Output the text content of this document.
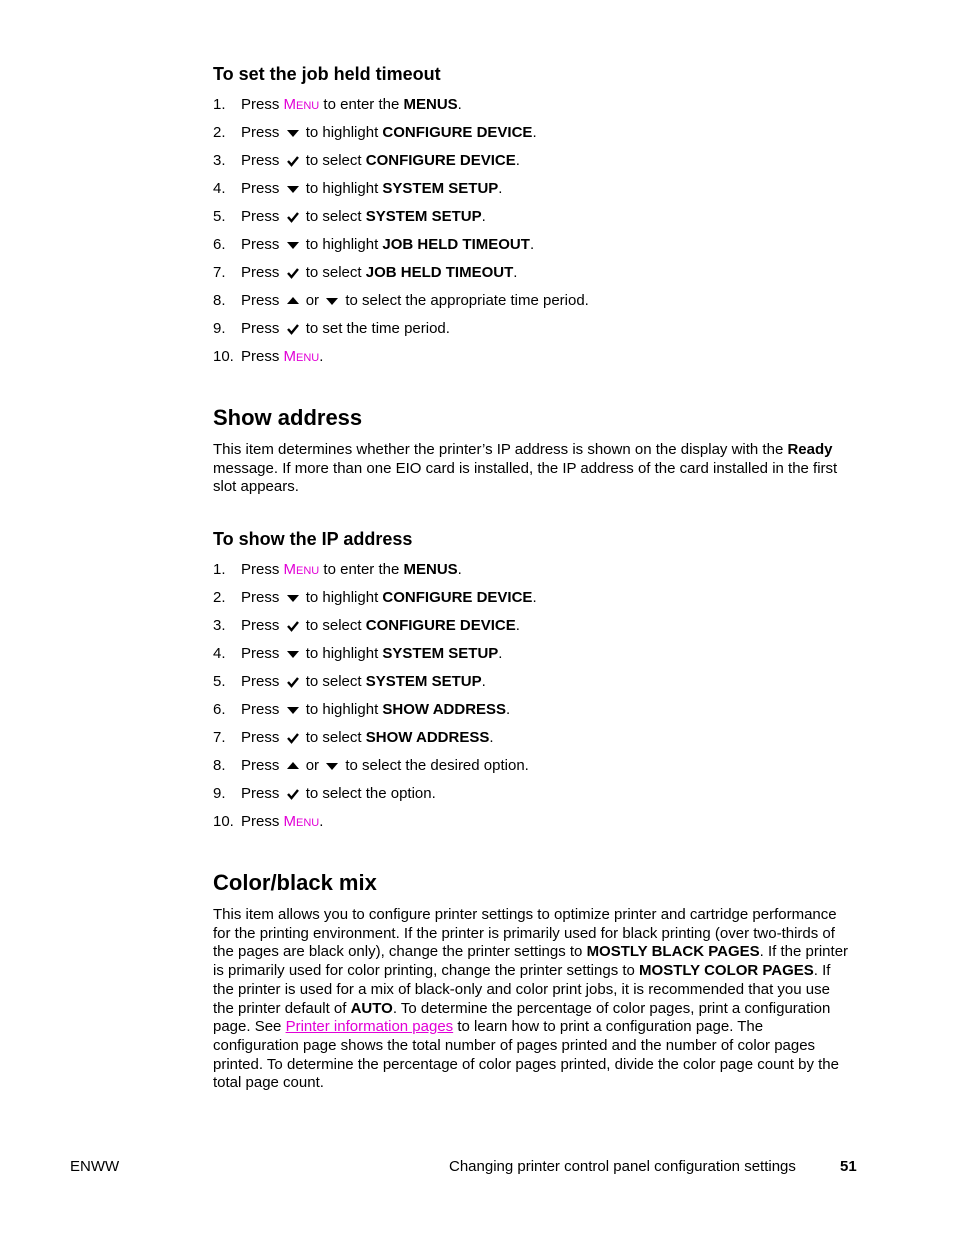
To set the job held timeout
1. Press Menu to enter the MENUS.
2. Press to highlight CONFIGURE DEVICE.
3. Press to select CONFIGURE DEVICE.
4. Press to highlight SYSTEM SETUP.
5. Press to select SYSTEM SETUP.
6. Press to highlight JOB HELD TIMEOUT.
7. Press to select JOB HELD TIMEOUT.
8. Press or to select the appropriate time period.
9. Press to set the time period.
10. Press Menu.
Show address

This item determines whether the printer’s IP address is shown on the display with the Ready message. If more than one EIO card is installed, the IP address of the card installed in the first slot appears.

To show the IP address
1. Press Menu to enter the MENUS.
2. Press to highlight CONFIGURE DEVICE.
3. Press to select CONFIGURE DEVICE.
4. Press to highlight SYSTEM SETUP.
5. Press to select SYSTEM SETUP.
6. Press to highlight SHOW ADDRESS.
7. Press to select SHOW ADDRESS.
8. Press or to select the desired option.
9. Press to select the option.
10. Press Menu.
Color/black mix

This item allows you to configure printer settings to optimize printer and cartridge performance for the printing environment. If the printer is primarily used for black printing (over two-thirds of the pages are black only), change the printer settings to MOSTLY BLACK PAGES. If the printer is primarily used for color printing, change the printer settings to MOSTLY COLOR PAGES. If the printer is used for a mix of black-only and color print jobs, it is recommended that you use the printer default of AUTO. To determine the percentage of color pages, print a configuration page. See Printer information pages to learn how to print a configuration page. The configuration page shows the total number of pages printed and the number of color pages printed. To determine the percentage of color pages printed, divide the color page count by the total page count.

ENWW	Changing printer control panel configuration settings	51
